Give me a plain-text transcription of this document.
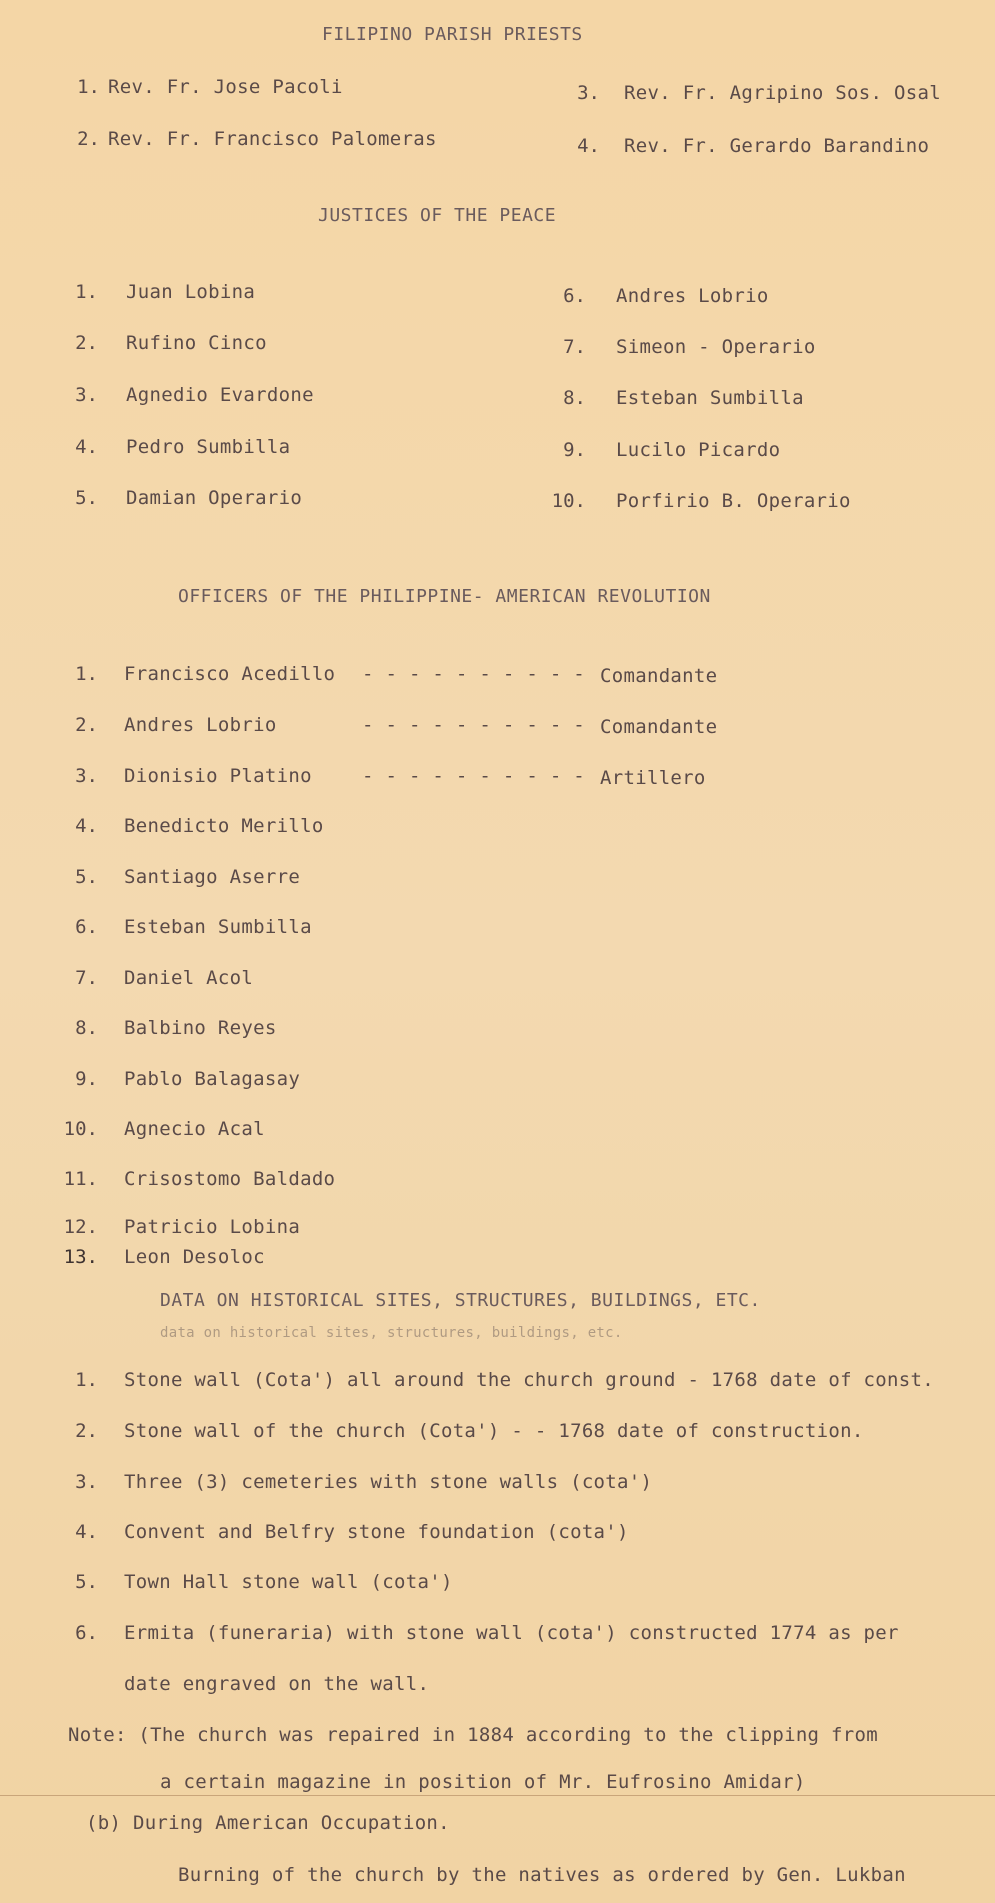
FILIPINO PARISH PRIESTS
1. Rev. Fr. Jose Pacoli
2. Rev. Fr. Francisco Palomeras
3. Rev. Fr. Agripino Sos. Osal
4. Rev. Fr. Gerardo Barandino
JUSTICES OF THE PEACE
1. Juan Lobina
2. Rufino Cinco
3. Agnedio Evardone
4. Pedro Sumbilla
5. Damian Operario
6. Andres Lobrio
7. Simeon - Operario
8. Esteban Sumbilla
9. Lucilo Picardo
10. Porfirio B. Operario
OFFICERS OF THE PHILIPPINE- AMERICAN REVOLUTION
1. Francisco Acedillo - - - - - - - - - - Comandante
2. Andres Lobrio	- - - - - - - - - - Comandante
3. Dionisio Platino	- - - - - - - - - - Artillero
4. Benedicto Merillo
5. Santiago Aserre
6. Esteban Sumbilla
7. Daniel Acol
8. Balbino Reyes
9. Pablo Balagasay
10. Agnecio Acal
11. Crisostomo Baldado
12. Patricio Lobina
13. Leon Desoloc
DATA ON HISTORICAL SITES, STRUCTURES, BUILDINGS, ETC.
data on historical sites, structures, buildings, etc.
1. Stone wall (Cota') all around the church ground - 1768 date of const.
2. Stone wall of the church (Cota') - - 1768 date of construction.
3. Three (3) cemeteries with stone walls (cota')
4. Convent and Belfry stone foundation (cota')
5. Town Hall stone wall (cota')
6. Ermita (funeraria) with stone wall (cota') constructed 1774 as per
date engraved on the wall.
Note: (The church was repaired in 1884 according to the clipping from
a certain magazine in position of Mr. Eufrosino Amidar)
(b) During American Occupation.
Burning of the church by the natives as ordered by Gen. Lukban
